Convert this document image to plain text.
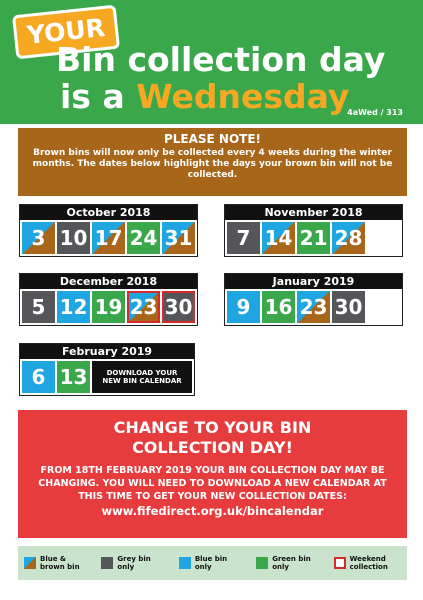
YOUR
Bin collection day
is a Wednesday
4aWed / 313
PLEASE NOTE!
Brown bins will now only be collected every 4 weeks during the winter months. The dates below highlight the days your brown bin will not be collected.
October 2018
3 10 17 24 31
November 2018
7 14 21 28
December 2018
5 12 19 23 30
January 2019
9 16 23 30
February 2019
6 13	DOWNLOAD YOUR NEW BIN CALENDAR
CHANGE TO YOUR BIN COLLECTION DAY!
FROM 18TH FEBRUARY 2019 YOUR BIN COLLECTION DAY MAY BE CHANGING. YOU WILL NEED TO DOWNLOAD A NEW CALENDAR AT THIS TIME TO GET YOUR NEW COLLECTION DATES:
www.fifedirect.org.uk/bincalendar
Blue & brown bin
Grey bin only
Blue bin only
Green bin only
Weekend collection
